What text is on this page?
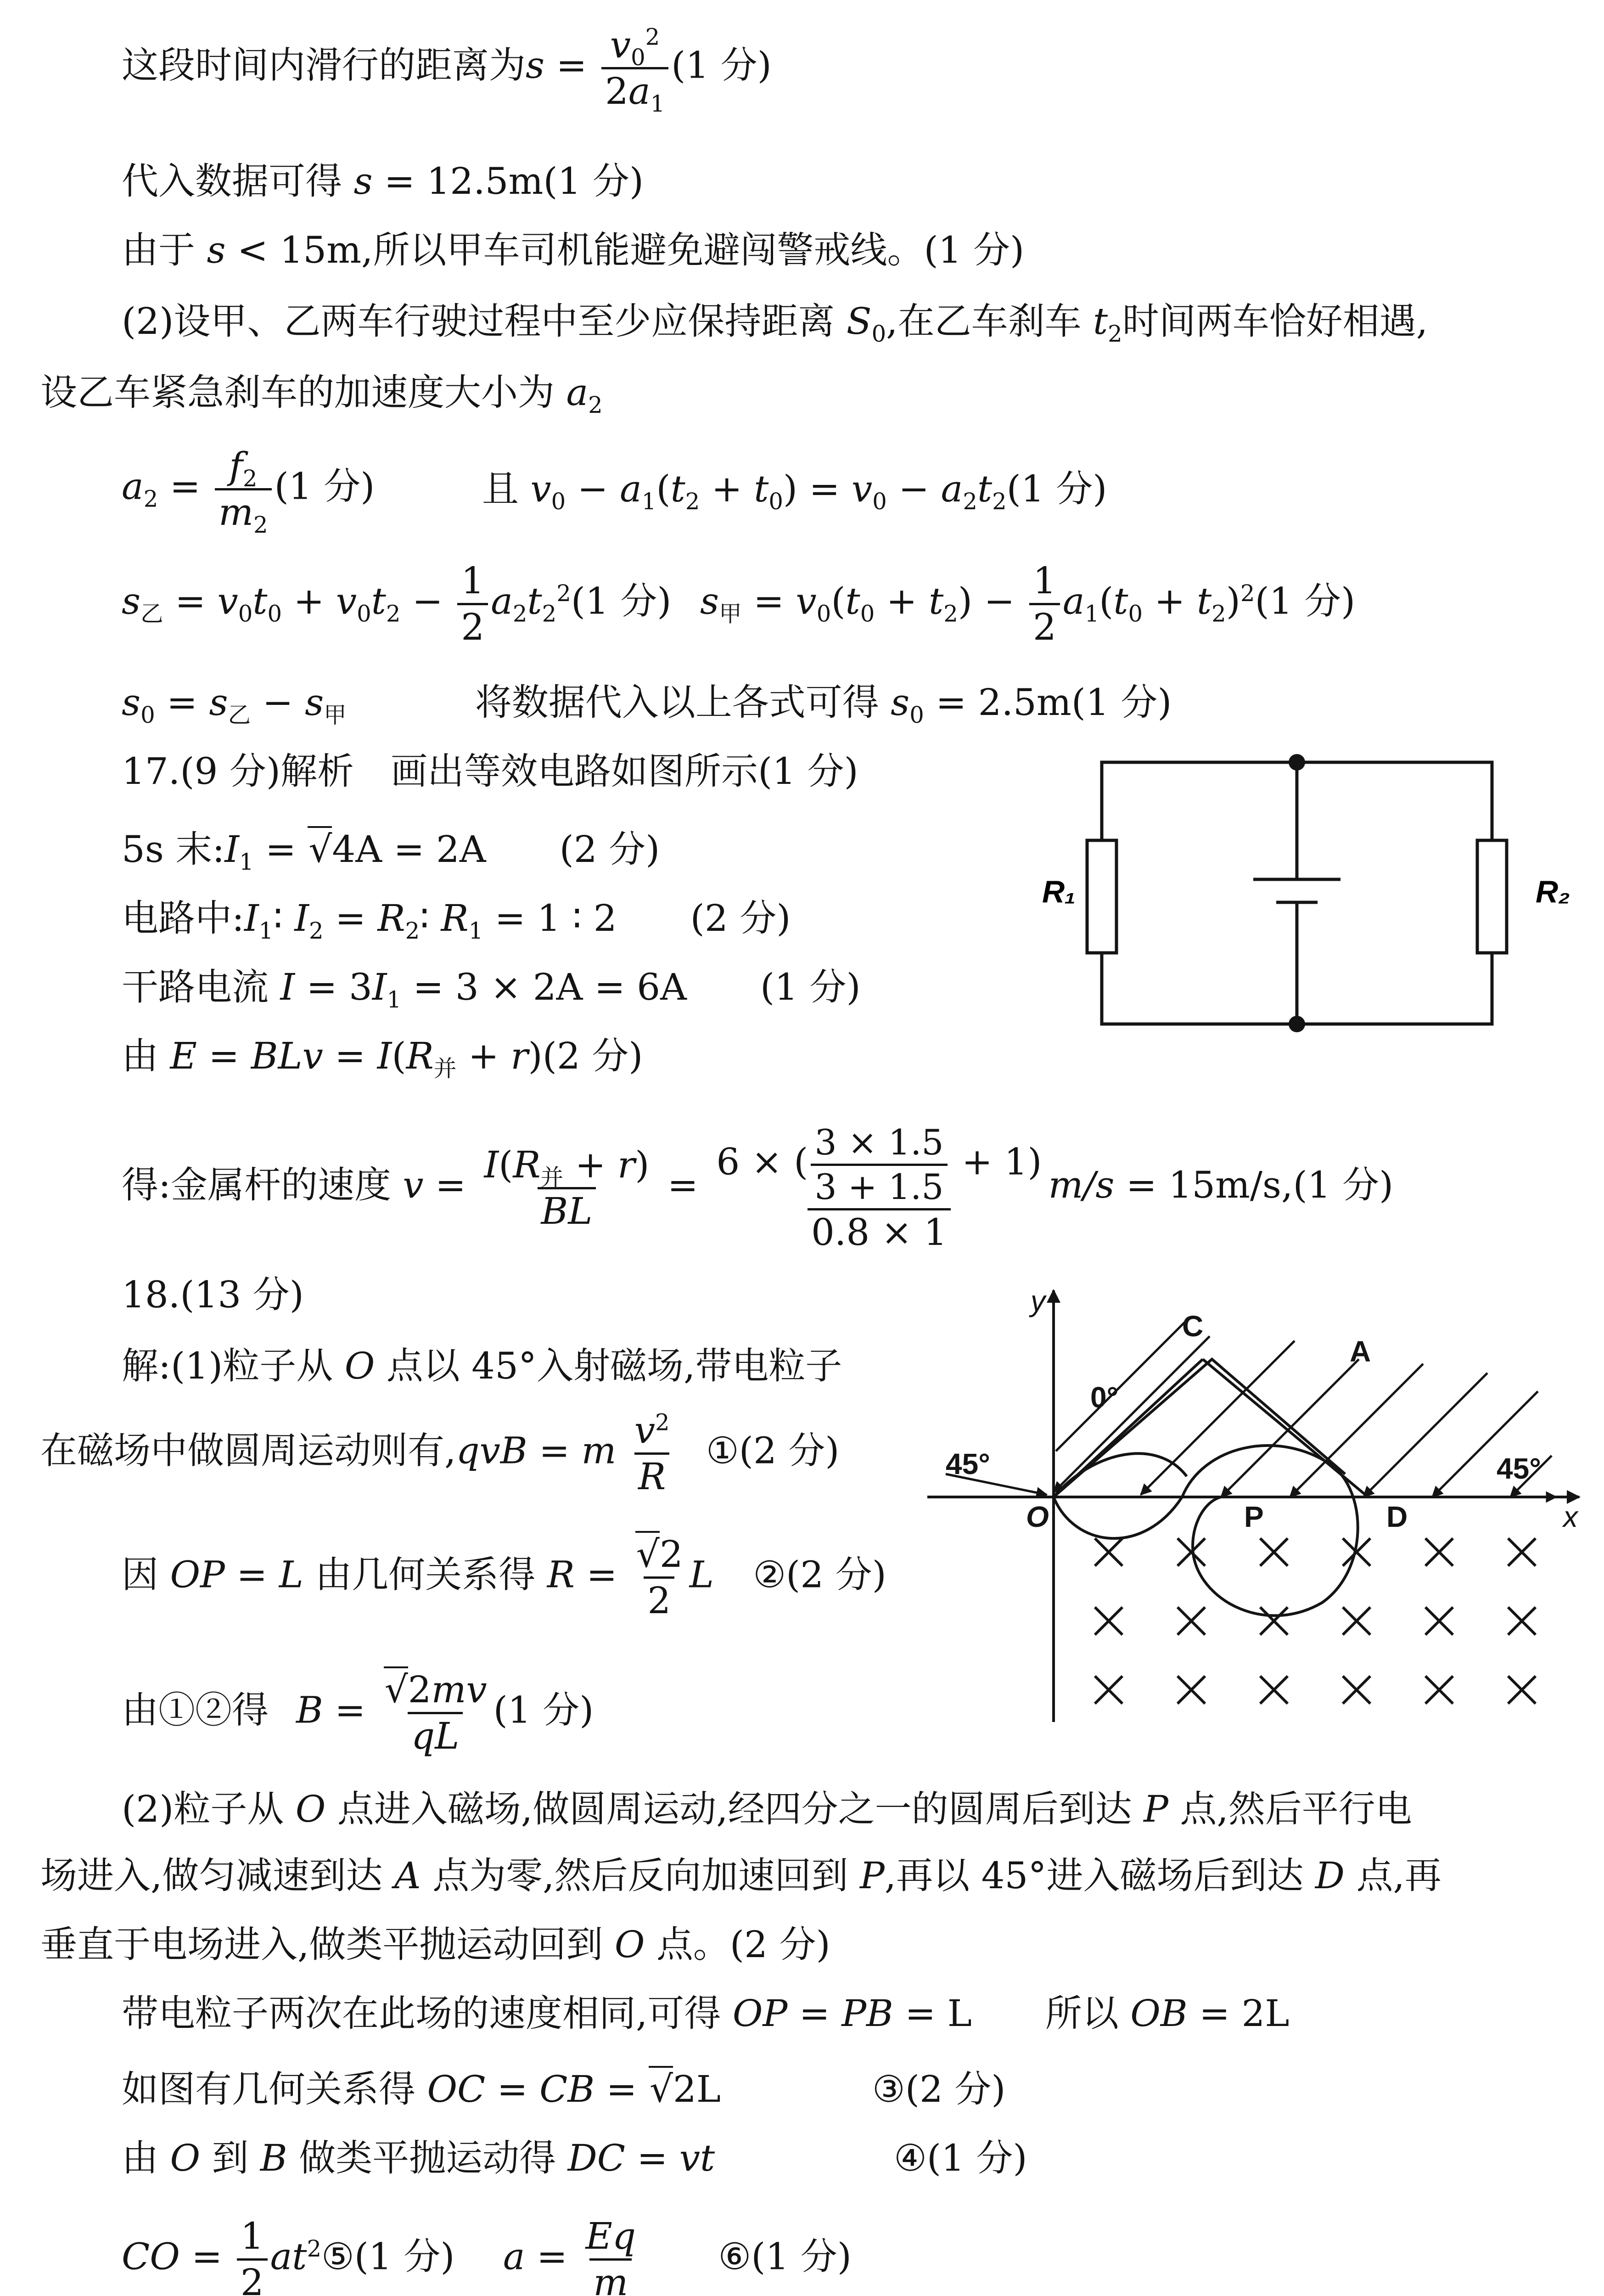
这段时间内滑行的距离为$s = \frac{v_0^2}{2a_1} (1$ 分)
代入数据可得 s = 12.5m(1 分)
由于 s < 15m,所以甲车司机能避免避闯警戒线。(1 分)
(2)设甲、乙两车行驶过程中至少应保持距离 $S_0$,在乙车刹车 $t_2$时间两车恰好相遇,
设乙车紧急刹车的加速度大小为 $a_2$
$a_2 = \frac{f_2}{m_2} (1$ 分)	且 $v_0 - a_1(t_2 + t_0) = v_0 - a_2t_2(1$ 分)
$s_乙 = v_0t_0 + v_0t_2 - \frac{1}{2} a_2t_2^2(1$ 分) $s_甲 = v_0(t_0 + t_2) - \frac{1}{2} a_1(t_0 + t_2)^2(1$ 分)
$s_0 = s_乙 - s_甲$	将数据代入以上各式可得 $s_0 = 2.5m(1$ 分)
17.(9 分)解析 画出等效电路如图所示(1 分)
5s 末$:I_1 = √4A = 2A$ (2 分)
电路中$:I_1∶$ $I_2$ = $R_2∶$ $R_1 = 1$ ∶ 2 (2 分)
干路电流 $I = 3I_1 = 3 \times 2A = 6A$ (1 分)
由 E = BLv = $I(R_并 + r)(2$ 分)
得:金属杆的速度 $v = I(R_并 + r)$
BL
= $\frac{6 \times ( \frac{3 \times 1.5}{3 + 1.5} + 1)}{0.8 \times 1} m/s = 15m/s,(1$ 分)
R₁	R₂
18.(13 分)
解:(1)粒子从 O 点以 45°入射磁场,带电粒子
在磁场中做圆周运动则有,qvB = m $\frac{v^2}{R}$ ①(2 分)
因 OP = L 由几何关系得 $R = \frac{√2}{2}$ L ②(2 分)
由①②得 $B = \frac{√2mv}{qL} (1$ 分)
(2)粒子从 O 点进入磁场,做圆周运动,经四分之一的圆周后到达 P 点,然后平行电
场进入,做匀减速到达 A 点为零,然后反向加速回到 P,再以 45°进入磁场后到达 D 点,再
垂直于电场进入,做类平抛运动回到 O 点。(2 分)
带电粒子两次在此场的速度相同,可得 OP = PB = L 所以 OB = 2L
如图有几何关系得 OC = CB = √2L	③(2 分)
由 O 到 B 做类平抛运动得 DC = vt	④(1 分)
CO = $\frac{1}{2}$ $at^2⑤(1$ 分) $a = \frac{Eq}{m}$ ⑥(1 分)
y
x
O	P	D
C
A
45°	45°
0°
